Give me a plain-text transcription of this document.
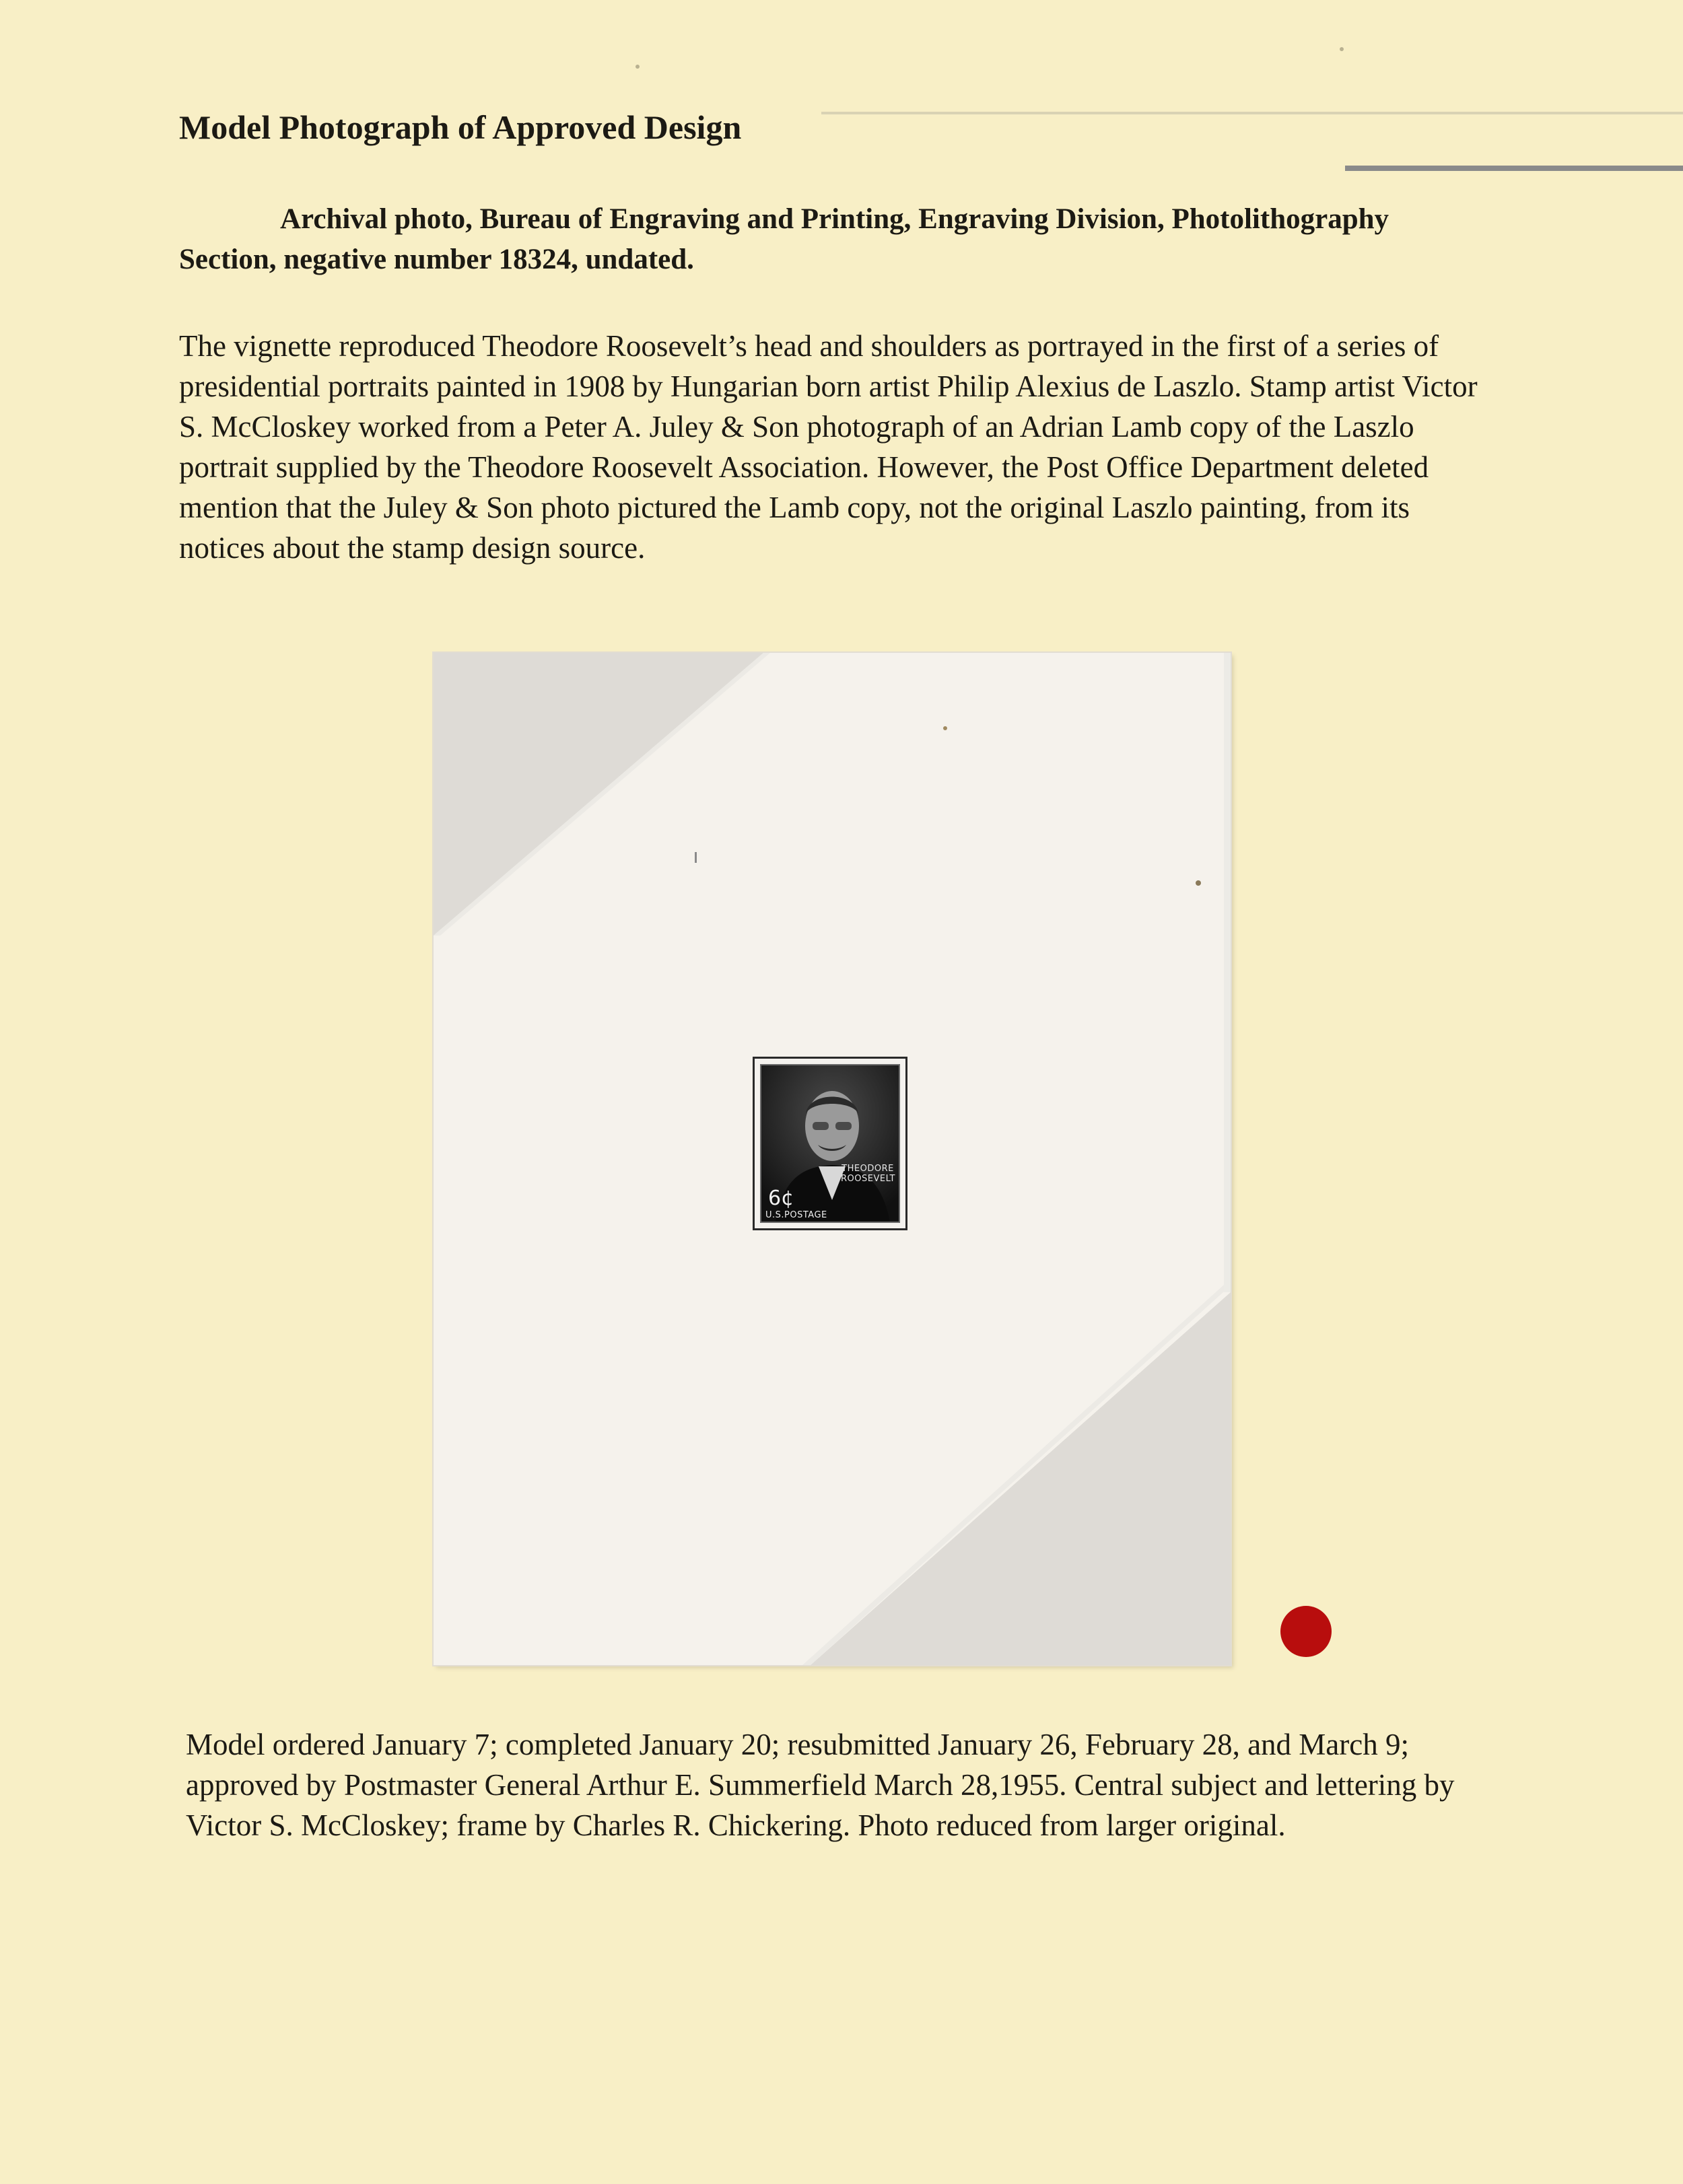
Model Photograph of Approved Design
Archival photo, Bureau of Engraving and Printing, Engraving Division, Photolithography Section, negative number 18324, undated.
The vignette reproduced Theodore Roosevelt’s head and shoulders as portrayed in the first of a series of presidential portraits painted in 1908 by Hungarian born artist Philip Alexius de Laszlo. Stamp artist Victor S. McCloskey worked from a Peter A. Juley & Son photograph of an Adrian Lamb copy of the Laszlo portrait supplied by the Theodore Roosevelt Association. However, the Post Office Department deleted mention that the Juley & Son photo pictured the Lamb copy, not the original Laszlo painting, from its notices about the stamp design source.
THEODORE ROOSEVELT
6¢
U.S.POSTAGE
Model ordered January 7; completed January 20; resubmitted January 26, February 28, and March 9; approved by Postmaster General Arthur E. Summerfield March 28,1955. Central subject and lettering by Victor S. McCloskey; frame by Charles R. Chickering. Photo reduced from larger original.
